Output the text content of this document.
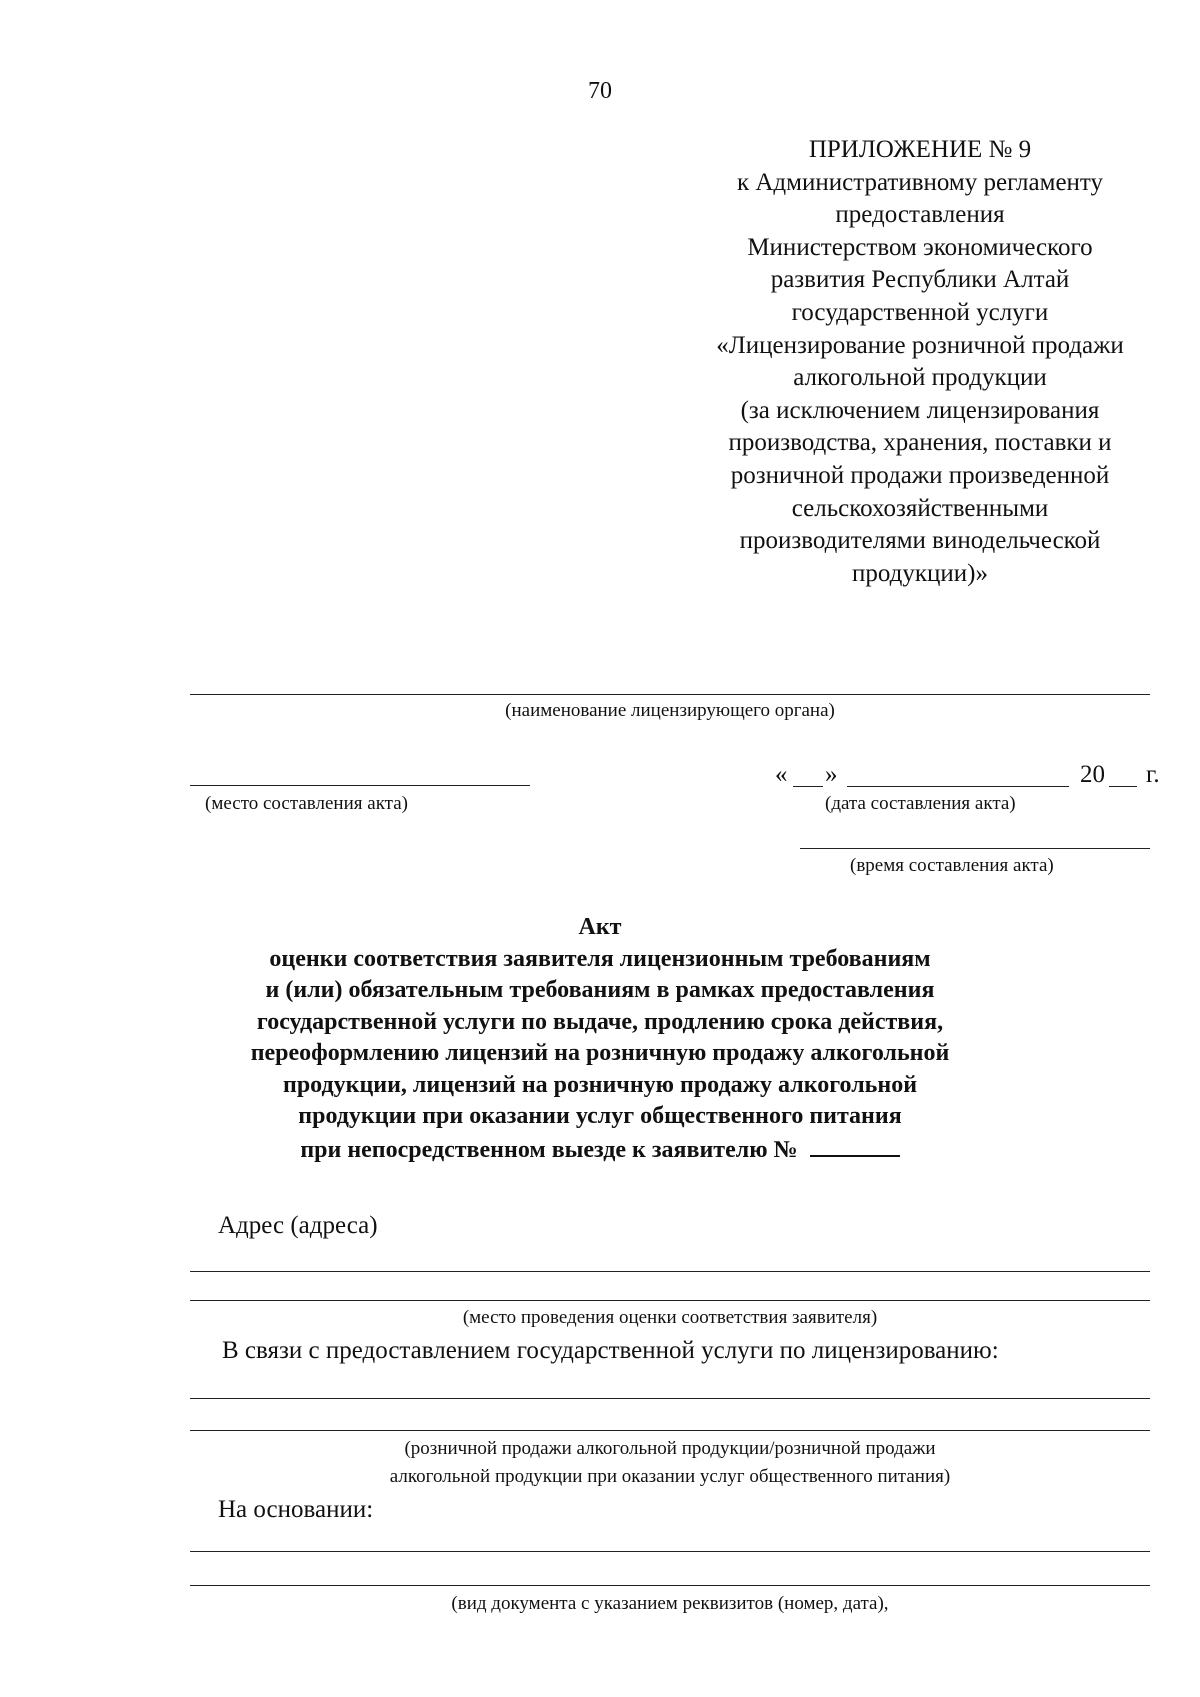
70
ПРИЛОЖЕНИЕ № 9
к Административному регламенту
предоставления
Министерством экономического
развития Республики Алтай
государственной услуги
«Лицензирование розничной продажи
алкогольной продукции
(за исключением лицензирования
производства, хранения, поставки и
розничной продажи произведенной
сельскохозяйственными
производителями винодельческой
продукции)»
(наименование лицензирующего органа)
(место составления акта)
« »	20 г.
(дата составления акта)
(время составления акта)
Акт
оценки соответствия заявителя лицензионным требованиям
и (или) обязательным требованиям в рамках предоставления
государственной услуги по выдаче, продлению срока действия,
переоформлению лицензий на розничную продажу алкогольной
продукции, лицензий на розничную продажу алкогольной
продукции при оказании услуг общественного питания
при непосредственном выезде к заявителю №
Адрес (адреса)
(место проведения оценки соответствия заявителя)
В связи с предоставлением государственной услуги по лицензированию:
(розничной продажи алкогольной продукции/розничной продажи
алкогольной продукции при оказании услуг общественного питания)
На основании:
(вид документа с указанием реквизитов (номер, дата),
